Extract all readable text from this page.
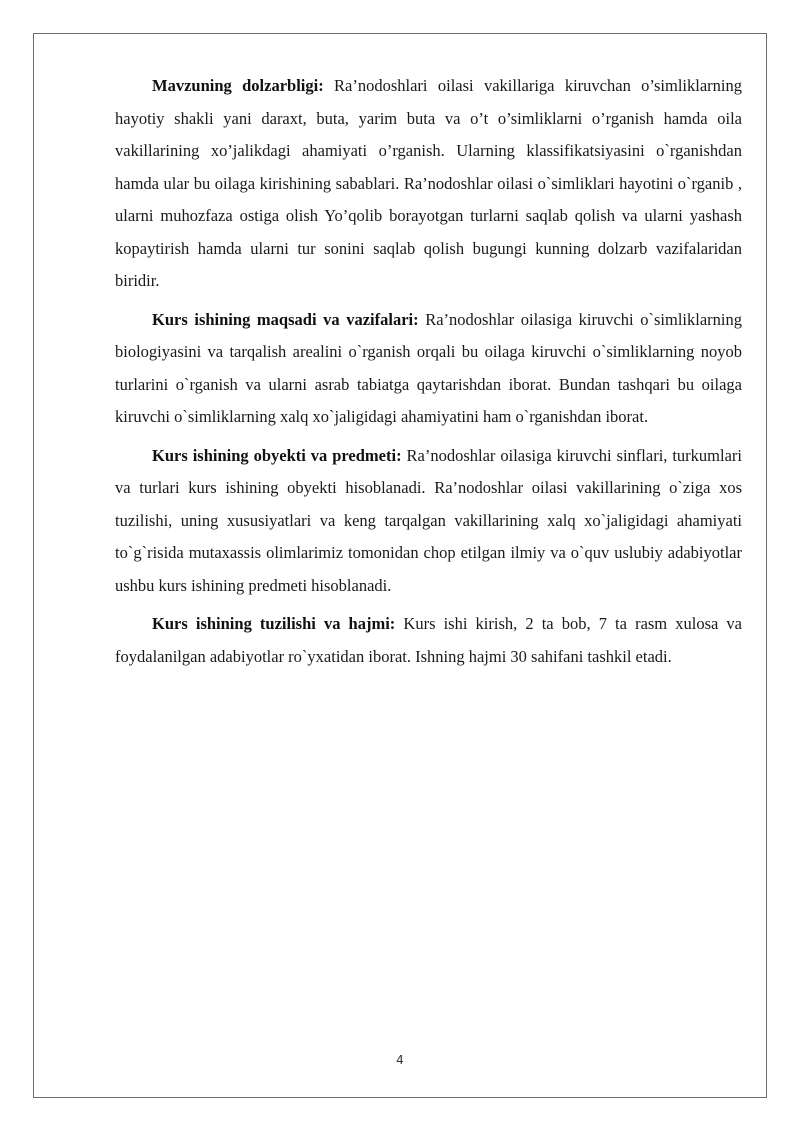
Mavzuning dolzarbligi: Ra’nodoshlari oilasi vakillariga kiruvchan o’simliklarning hayotiy shakli yani daraxt, buta, yarim buta va o’t o’simliklarni o’rganish hamda oila vakillarining xo’jalikdagi ahamiyati o’rganish. Ularning klassifikatsiyasini o`rganishdan hamda ular bu oilaga kirishining sabablari. Ra’nodoshlar oilasi o`simliklari hayotini o`rganib , ularni muhozfaza ostiga olish Yo’qolib borayotgan turlarni saqlab qolish va ularni yashash kopaytirish hamda ularni tur sonini saqlab qolish bugungi kunning dolzarb vazifalaridan biridir.

Kurs ishining maqsadi va vazifalari: Ra’nodoshlar oilasiga kiruvchi o`simliklarning biologiyasini va tarqalish arealini o`rganish orqali bu oilaga kiruvchi o`simliklarning noyob turlarini o`rganish va ularni asrab tabiatga qaytarishdan iborat. Bundan tashqari bu oilaga kiruvchi o`simliklarning xalq xo`jaligidagi ahamiyatini ham o`rganishdan iborat.

Kurs ishining obyekti va predmeti: Ra’nodoshlar oilasiga kiruvchi sinflari, turkumlari va turlari kurs ishining obyekti hisoblanadi. Ra’nodoshlar oilasi vakillarining o`ziga xos tuzilishi, uning xususiyatlari va keng tarqalgan vakillarining xalq xo`jaligidagi ahamiyati to`g`risida mutaxassis olimlarimiz tomonidan chop etilgan ilmiy va o`quv uslubiy adabiyotlar ushbu kurs ishining predmeti hisoblanadi.

Kurs ishining tuzilishi va hajmi: Kurs ishi kirish, 2 ta bob, 7 ta rasm xulosa va foydalanilgan adabiyotlar ro`yxatidan iborat. Ishning hajmi 30 sahifani tashkil etadi.

4
